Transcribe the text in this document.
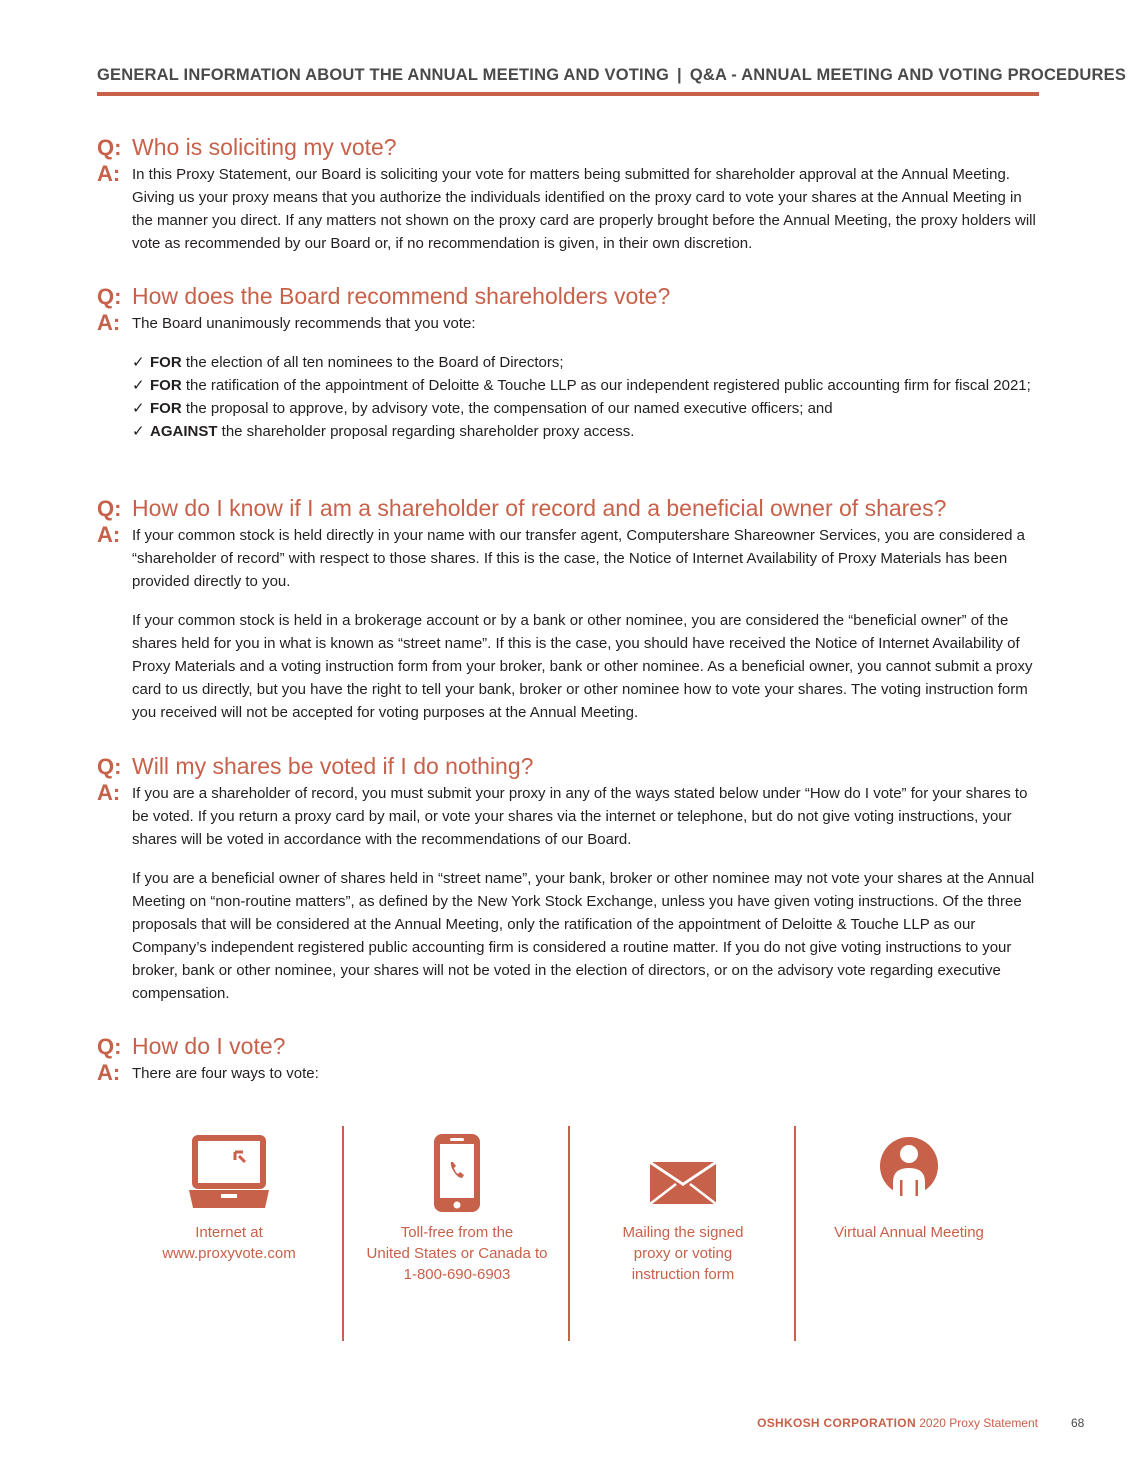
GENERAL INFORMATION ABOUT THE ANNUAL MEETING AND VOTING | Q&A - ANNUAL MEETING AND VOTING PROCEDURES
Q: Who is soliciting my vote?
A: In this Proxy Statement, our Board is soliciting your vote for matters being submitted for shareholder approval at the Annual Meeting. Giving us your proxy means that you authorize the individuals identified on the proxy card to vote your shares at the Annual Meeting in the manner you direct. If any matters not shown on the proxy card are properly brought before the Annual Meeting, the proxy holders will vote as recommended by our Board or, if no recommendation is given, in their own discretion.

Q: How does the Board recommend shareholders vote?
A: The Board unanimously recommends that you vote:

✓ FOR the election of all ten nominees to the Board of Directors;
✓ FOR the ratification of the appointment of Deloitte & Touche LLP as our independent registered public accounting firm for fiscal 2021;
✓ FOR the proposal to approve, by advisory vote, the compensation of our named executive officers; and
✓ AGAINST the shareholder proposal regarding shareholder proxy access.
Q: How do I know if I am a shareholder of record and a beneficial owner of shares?
A: If your common stock is held directly in your name with our transfer agent, Computershare Shareowner Services, you are considered a “shareholder of record” with respect to those shares. If this is the case, the Notice of Internet Availability of Proxy Materials has been provided directly to you.

If your common stock is held in a brokerage account or by a bank or other nominee, you are considered the “beneficial owner” of the shares held for you in what is known as “street name”. If this is the case, you should have received the Notice of Internet Availability of Proxy Materials and a voting instruction form from your broker, bank or other nominee. As a beneficial owner, you cannot submit a proxy card to us directly, but you have the right to tell your bank, broker or other nominee how to vote your shares. The voting instruction form you received will not be accepted for voting purposes at the Annual Meeting.

Q: Will my shares be voted if I do nothing?
A: If you are a shareholder of record, you must submit your proxy in any of the ways stated below under “How do I vote” for your shares to be voted. If you return a proxy card by mail, or vote your shares via the internet or telephone, but do not give voting instructions, your shares will be voted in accordance with the recommendations of our Board.

If you are a beneficial owner of shares held in “street name”, your bank, broker or other nominee may not vote your shares at the Annual Meeting on “non-routine matters”, as defined by the New York Stock Exchange, unless you have given voting instructions. Of the three proposals that will be considered at the Annual Meeting, only the ratification of the appointment of Deloitte & Touche LLP as our Company’s independent registered public accounting firm is considered a routine matter. If you do not give voting instructions to your broker, bank or other nominee, your shares will not be voted in the election of directors, or on the advisory vote regarding executive compensation.

Q: How do I vote?
A: There are four ways to vote:

Internet at
www.proxyvote.com
Toll-free from the
United States or Canada to
1-800-690-6903
Mailing the signed
proxy or voting
instruction form
Virtual Annual Meeting
OSHKOSH CORPORATION 2020 Proxy Statement	68
